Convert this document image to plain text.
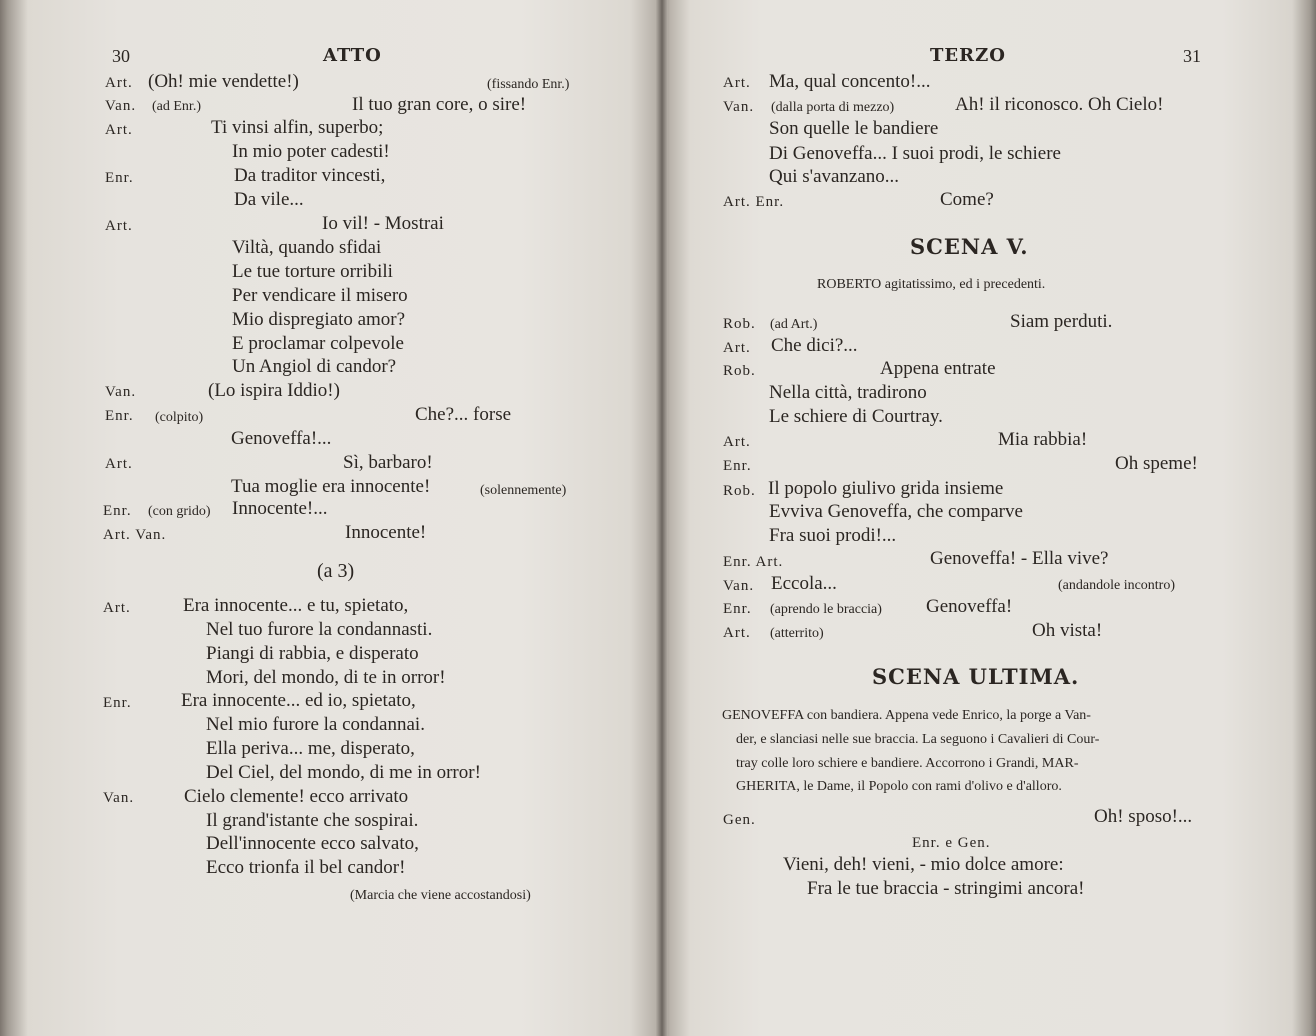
30	ATTO
Art. (Oh! mie vendette!)	(fissando Enr.)
Van. (ad Enr.)	Il tuo gran core, o sire!
Art.	Ti vinsi alfin, superbo;
In mio poter cadesti!
Enr.	Da traditor vincesti,
Da vile...
Art.	Io vil! - Mostrai
Viltà, quando sfidai
Le tue torture orribili
Per vendicare il misero
Mio dispregiato amor?
E proclamar colpevole
Un Angiol di candor?
Van.	(Lo ispira Iddio!)
Enr. (colpito)	Che?... forse
Genoveffa!...
Art.	Sì, barbaro!
Tua moglie era innocente!	(solennemente)
Enr. (con grido) Innocente!...
Art. Van.	Innocente!
(a 3)
Art.	Era innocente... e tu, spietato,
Nel tuo furore la condannasti.
Piangi di rabbia, e disperato
Mori, del mondo, di te in orror!
Enr.	Era innocente... ed io, spietato,
Nel mio furore la condannai.
Ella periva... me, disperato,
Del Ciel, del mondo, di me in orror!
Van.	Cielo clemente! ecco arrivato
Il grand'istante che sospirai.
Dell'innocente ecco salvato,
Ecco trionfa il bel candor!
(Marcia che viene accostandosi)
TERZO	31
Art. Ma, qual concento!...
Van. (dalla porta di mezzo)	Ah! il riconosco. Oh Cielo!
Son quelle le bandiere
Di Genoveffa... I suoi prodi, le schiere
Qui s'avanzano...
Art. Enr.	Come?
SCENA V.
ROBERTO agitatissimo, ed i precedenti.
Rob. (ad Art.)	Siam perduti.
Art. Che dici?...
Rob.	Appena entrate
Nella città, tradirono
Le schiere di Courtray.
Art.	Mia rabbia!
Enr.	Oh speme!
Rob. Il popolo giulivo grida insieme
Evviva Genoveffa, che comparve
Fra suoi prodi!...
Enr. Art.	Genoveffa! - Ella vive?
Van. Eccola...	(andandole incontro)
Enr. (aprendo le braccia) Genoveffa!
Art. (atterrito)	Oh vista!
SCENA ULTIMA.
GENOVEFFA con bandiera. Appena vede Enrico, la porge a Van-
der, e slanciasi nelle sue braccia. La seguono i Cavalieri di Cour-
tray colle loro schiere e bandiere. Accorrono i Grandi, MAR-
GHERITA, le Dame, il Popolo con rami d'olivo e d'alloro.
Gen.	Oh! sposo!...
Enr. e Gen.
Vieni, deh! vieni, - mio dolce amore:
Fra le tue braccia - stringimi ancora!
